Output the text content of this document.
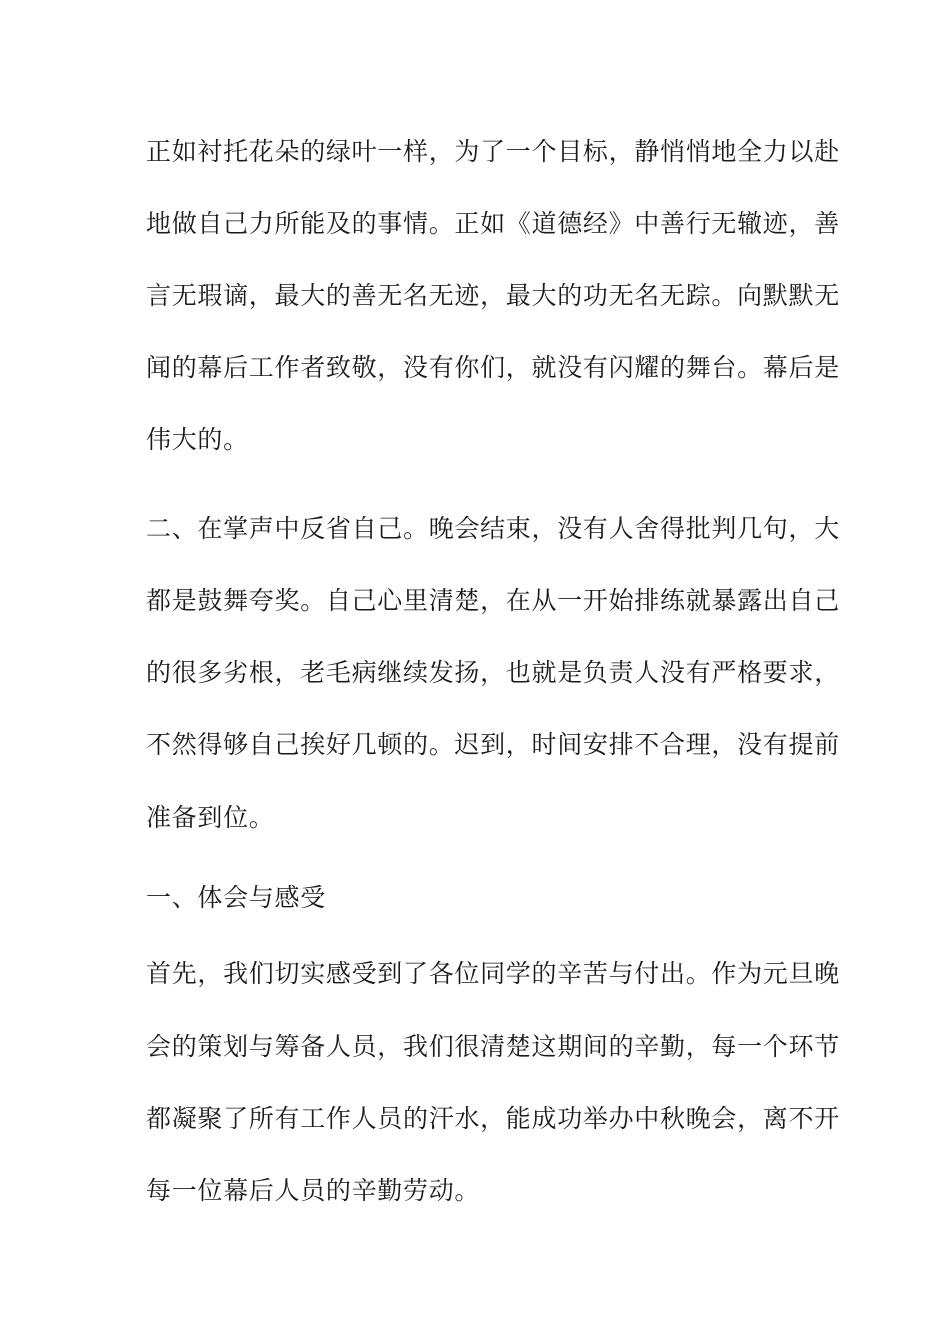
正如衬托花朵的绿叶一样，为了一个目标，静悄悄地全力以赴
地做自己力所能及的事情。正如《道德经》中善行无辙迹，善
言无瑕谪，最大的善无名无迹，最大的功无名无踪。向默默无
闻的幕后工作者致敬，没有你们，就没有闪耀的舞台。幕后是
伟大的。
二、在掌声中反省自己。晚会结束，没有人舍得批判几句，大
都是鼓舞夸奖。自己心里清楚，在从一开始排练就暴露出自己
的很多劣根，老毛病继续发扬，也就是负责人没有严格要求，
不然得够自己挨好几顿的。迟到，时间安排不合理，没有提前
准备到位。
一、体会与感受
首先，我们切实感受到了各位同学的辛苦与付出。作为元旦晚
会的策划与筹备人员，我们很清楚这期间的辛勤，每一个环节
都凝聚了所有工作人员的汗水，能成功举办中秋晚会，离不开
每一位幕后人员的辛勤劳动。
